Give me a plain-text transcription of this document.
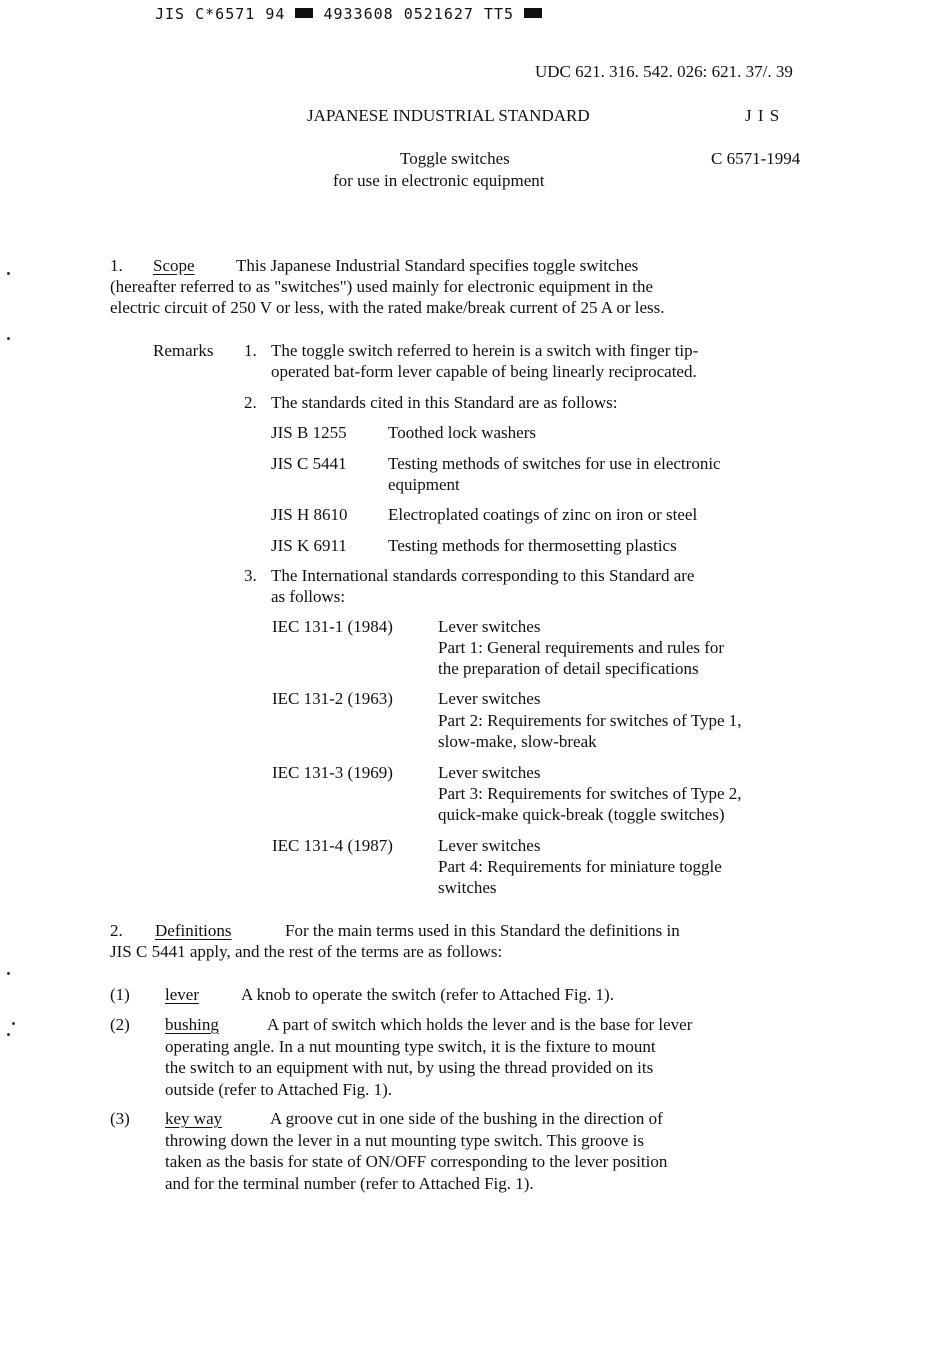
JIS C*6571 94	4933608 0521627 TT5
UDC 621. 316. 542. 026: 621. 37/. 39
JAPANESE INDUSTRIAL STANDARD	J I S
Toggle switches
for use in electronic equipment
C 6571-1994
1. Scope This Japanese Industrial Standard specifies toggle switches
(hereafter referred to as "switches") used mainly for electronic equipment in the
electric circuit of 250 V or less, with the rated make/break current of 25 A or less.
Remarks 1. The toggle switch referred to herein is a switch with finger tip-
operated bat-form lever capable of being linearly reciprocated.
2. The standards cited in this Standard are as follows:
JIS B 1255 Toothed lock washers
JIS C 5441 Testing methods of switches for use in electronic
equipment
JIS H 8610 Electroplated coatings of zinc on iron or steel
JIS K 6911 Testing methods for thermosetting plastics
3. The International standards corresponding to this Standard are
as follows:
IEC 131-1 (1984)	Lever switches
Part 1: General requirements and rules for
the preparation of detail specifications
IEC 131-2 (1963)	Lever switches
Part 2: Requirements for switches of Type 1,
slow-make, slow-break
IEC 131-3 (1969)	Lever switches
Part 3: Requirements for switches of Type 2,
quick-make quick-break (toggle switches)
IEC 131-4 (1987)	Lever switches
Part 4: Requirements for miniature toggle
switches
2. Definitions	For the main terms used in this Standard the definitions in
JIS C 5441 apply, and the rest of the terms are as follows:
(1) lever A knob to operate the switch (refer to Attached Fig. 1).
(2) bushing	A part of switch which holds the lever and is the base for lever
operating angle. In a nut mounting type switch, it is the fixture to mount
the switch to an equipment with nut, by using the thread provided on its
outside (refer to Attached Fig. 1).
(3) key way	A groove cut in one side of the bushing in the direction of
throwing down the lever in a nut mounting type switch. This groove is
taken as the basis for state of ON/OFF corresponding to the lever position
and for the terminal number (refer to Attached Fig. 1).
